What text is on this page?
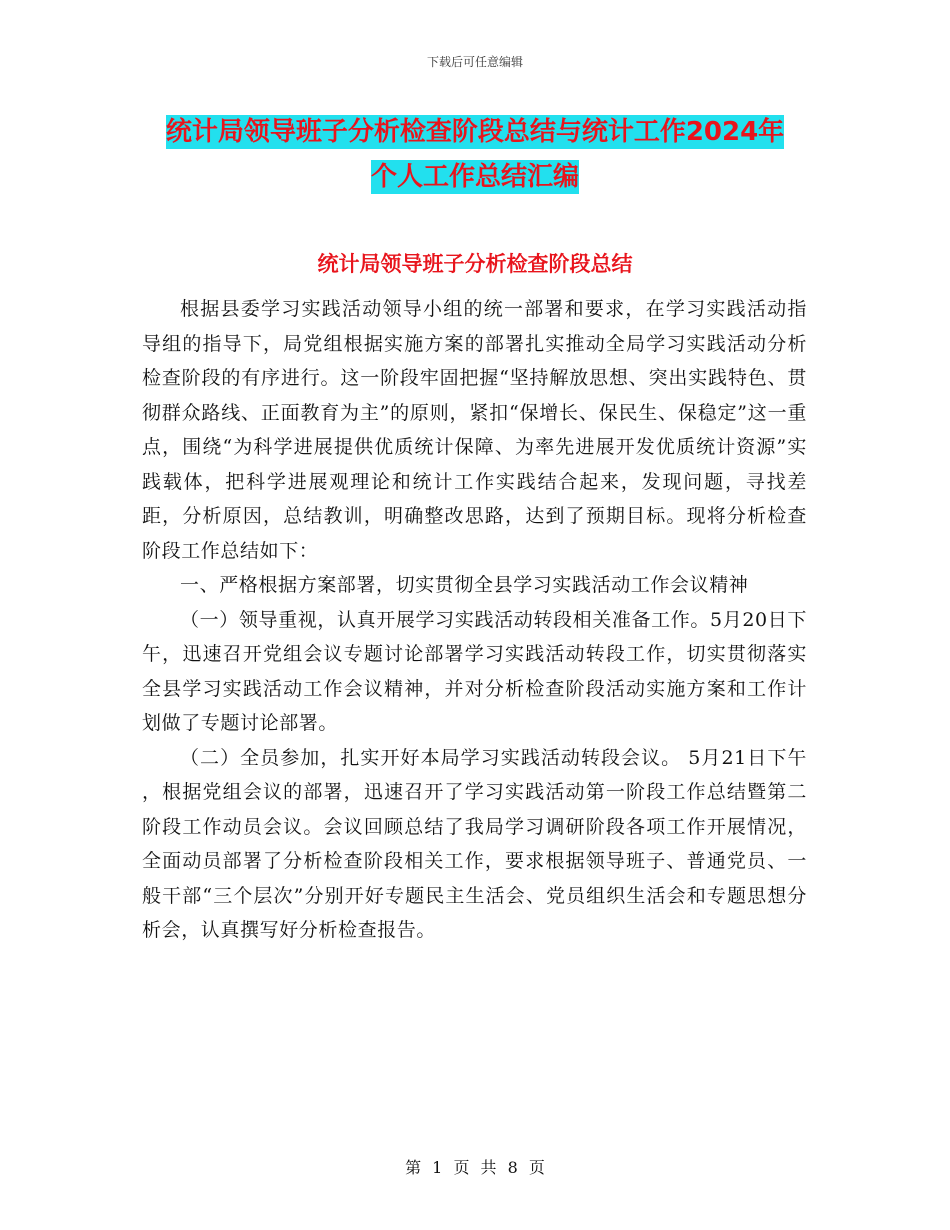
下载后可任意编辑
统计局领导班子分析检查阶段总结与统计工作2024年
个人工作总结汇编
统计局领导班子分析检查阶段总结

根据县委学习实践活动领导小组的统一部署和要求，在学习实践活动指导组的指导下，局党组根据实施方案的部署扎实推动全局学习实践活动分析检查阶段的有序进行。这一阶段牢固把握“坚持解放思想、突出实践特色、贯彻群众路线、正面教育为主”的原则，紧扣“保增长、保民生、保稳定”这一重点，围绕“为科学进展提供优质统计保障、为率先进展开发优质统计资源”实践载体，把科学进展观理论和统计工作实践结合起来，发现问题，寻找差距，分析原因，总结教训，明确整改思路，达到了预期目标。现将分析检查阶段工作总结如下：

一、严格根据方案部署，切实贯彻全县学习实践活动工作会议精神

（一）领导重视，认真开展学习实践活动转段相关准备工作。5月20日下午，迅速召开党组会议专题讨论部署学习实践活动转段工作，切实贯彻落实全县学习实践活动工作会议精神，并对分析检查阶段活动实施方案和工作计划做了专题讨论部署。

（二）全员参加，扎实开好本局学习实践活动转段会议。 5月21日下午 ，根据党组会议的部署，迅速召开了学习实践活动第一阶段工作总结暨第二阶段工作动员会议。会议回顾总结了我局学习调研阶段各项工作开展情况，全面动员部署了分析检查阶段相关工作，要求根据领导班子、普通党员、一般干部“三个层次”分别开好专题民主生活会、党员组织生活会和专题思想分析会，认真撰写好分析检查报告。

第 1 页 共 8 页
